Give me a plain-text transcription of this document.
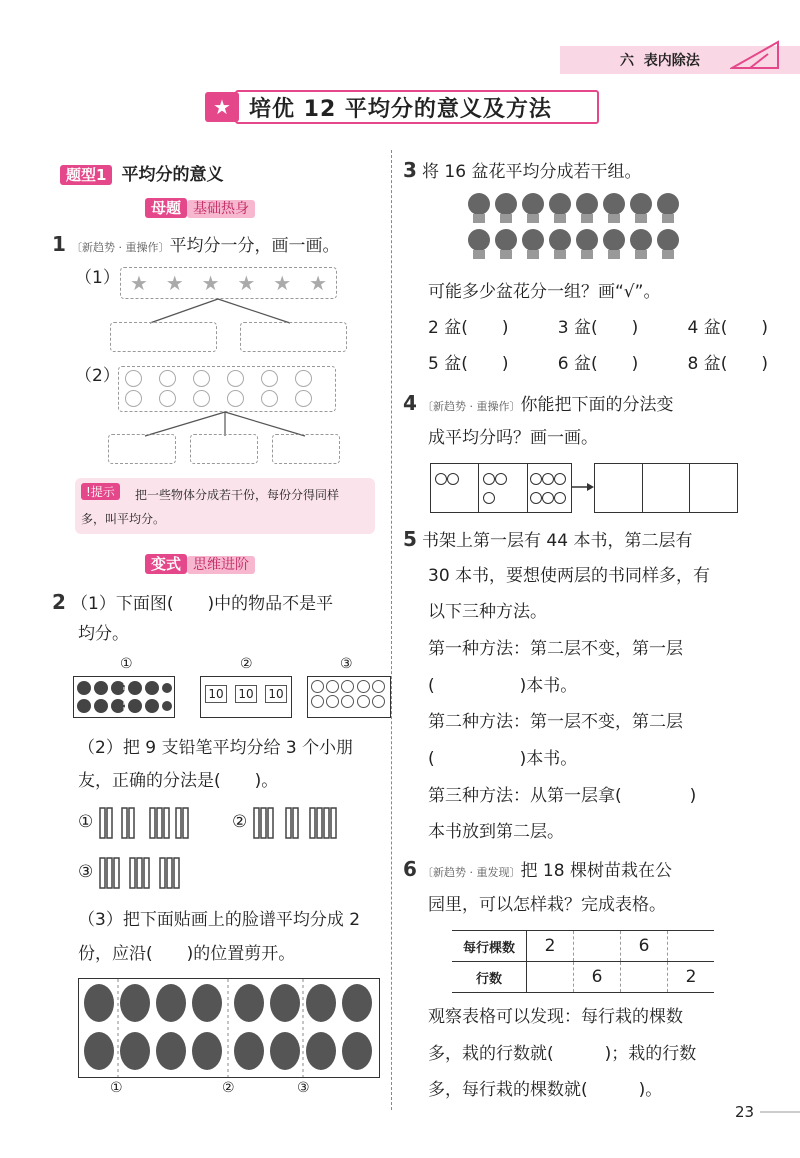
六 表内除法
★ 培优 12 平均分的意义及方法
题型1 平均分的意义
母题 基础热身
1 〔新趋势 · 重操作〕平均分一分，画一画。
（1） ★ ★ ★ ★ ★ ★
（2）
!提示	把一些物体分成若干份，每份分得同样
多，叫平均分。
变式 思维进阶
2 （1）下面图(　　)中的物品不是平
均分。
①	②	③
10 10 10
（2）把 9 支铅笔平均分给 3 个小朋
友，正确的分法是(　　)。
①	②
③
（3）把下面贴画上的脸谱平均分成 2
份，应沿(　　)的位置剪开。
①	②	③
3 将 16 盆花平均分成若干组。
可能多少盆花分一组？画“√”。
2 盆(　　)	3 盆(　　)	4 盆(　　)
5 盆(　　)	6 盆(　　)	8 盆(　　)
4 〔新趋势 · 重操作〕你能把下面的分法变
成平均分吗？画一画。

5 书架上第一层有 44 本书，第二层有
30 本书，要想使两层的书同样多，有
以下三种方法。
第一种方法：第二层不变，第一层
(　　　　　)本书。
第二种方法：第一层不变，第二层
(　　　　　)本书。
第三种方法：从第一层拿(　　　　)
本书放到第二层。
6 〔新趋势 · 重发现〕把 18 棵树苗栽在公
园里，可以怎样栽？完成表格。
每行棵数	2		6	
行数		6		2
观察表格可以发现：每行栽的棵数
多，栽的行数就(　　　)；栽的行数
多，每行栽的棵数就(　　　)。
23
